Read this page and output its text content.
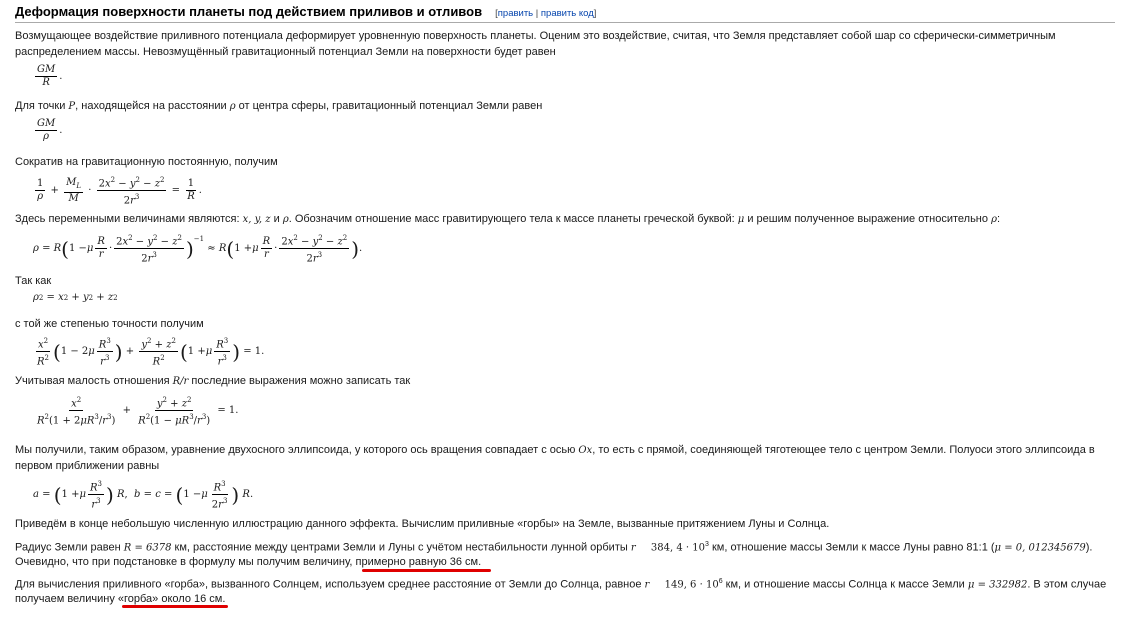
Деформация поверхности планеты под действием приливов и отливов [править | править код]
Возмущающее воздействие приливного потенциала деформирует уровненную поверхность планеты. Оценим это воздействие, считая, что Земля представляет собой шар со сферически-симметричным
распределением массы. Невозмущённый гравитационный потенциал Земли на поверхности будет равен
$\frac{GM}{R}$ .
Для точки P, находящейся на расстоянии ρ от центра сферы, гравитационный потенциал Земли равен
$\frac{GM}{\rho}$ .
Сократив на гравитационную постоянную, получим
$\frac{1}{\rho} + \frac{M_L}{M} \cdot \frac{2x^2 - y^2 - z^2}{2r^3} = \frac{1}{R}$ .
Здесь переменными величинами являются: x, y, z и ρ. Обозначим отношение масс гравитирующего тела к массе планеты греческой буквой: μ и решим полученное выражение относительно ρ:
ρ = R ( 1 − μ $\frac{R}{r} \cdot \frac{2x^2 - y^2 - z^2}{2r^3}$ ) −1
≈ R ( 1 + μ $\frac{R}{r} \cdot \frac{2x^2 - y^2 - z^2}{2r^3}$ ) .
Так как
ρ 2 = x 2 + y 2 + z 2
с той же степенью точности получим
$\frac{x^2}{R^2}$ ( 1 − 2 μ $\frac{R^3}{r^3}$ ) + $\frac{y^2 + z^2}{R^2}$ ( 1 + μ $\frac{R^3}{r^3}$ ) = 1.
Учитывая малость отношения R/r последние выражения можно записать так
$\frac{x^2}{R^2(1 + 2\mu R^3/r^3)} + \frac{y^2 + z^2}{R^2(1 - \mu R^3/r^3)} = 1$.
Мы получили, таким образом, уравнение двухосного эллипсоида, у которого ось вращения совпадает с осью Ox, то есть с прямой, соединяющей тяготеющее тело с центром Земли. Полуоси этого эллипсоида в
первом приближении равны
a = ( 1 + μ $\frac{R^3}{r^3}$ )
R , b = c = ( 1 − μ $\frac{R^3}{2r^3}$ )
R .
Приведём в конце небольшую численную иллюстрацию данного эффекта. Вычислим приливные «горбы» на Земле, вызванные притяжением Луны и Солнца.
Радиус Земли равен R = 6378 км, расстояние между центрами Земли и Луны с учётом нестабильности лунной орбиты r 384, $4 \cdot 10^3$ км, отношение массы Земли к массе Луны равно 81:1 (μ = 0, 012345679).
Очевидно, что при подстановке в формулу мы получим величину, примерно равную 36 см.
Для вычисления приливного «горба», вызванного Солнцем, используем среднее расстояние от Земли до Солнца, равное r 149, $6 \cdot 10^6$ км, и отношение массы Солнца к массе Земли μ = 332982. В этом случае
получаем величину «горба» около 16 см.
